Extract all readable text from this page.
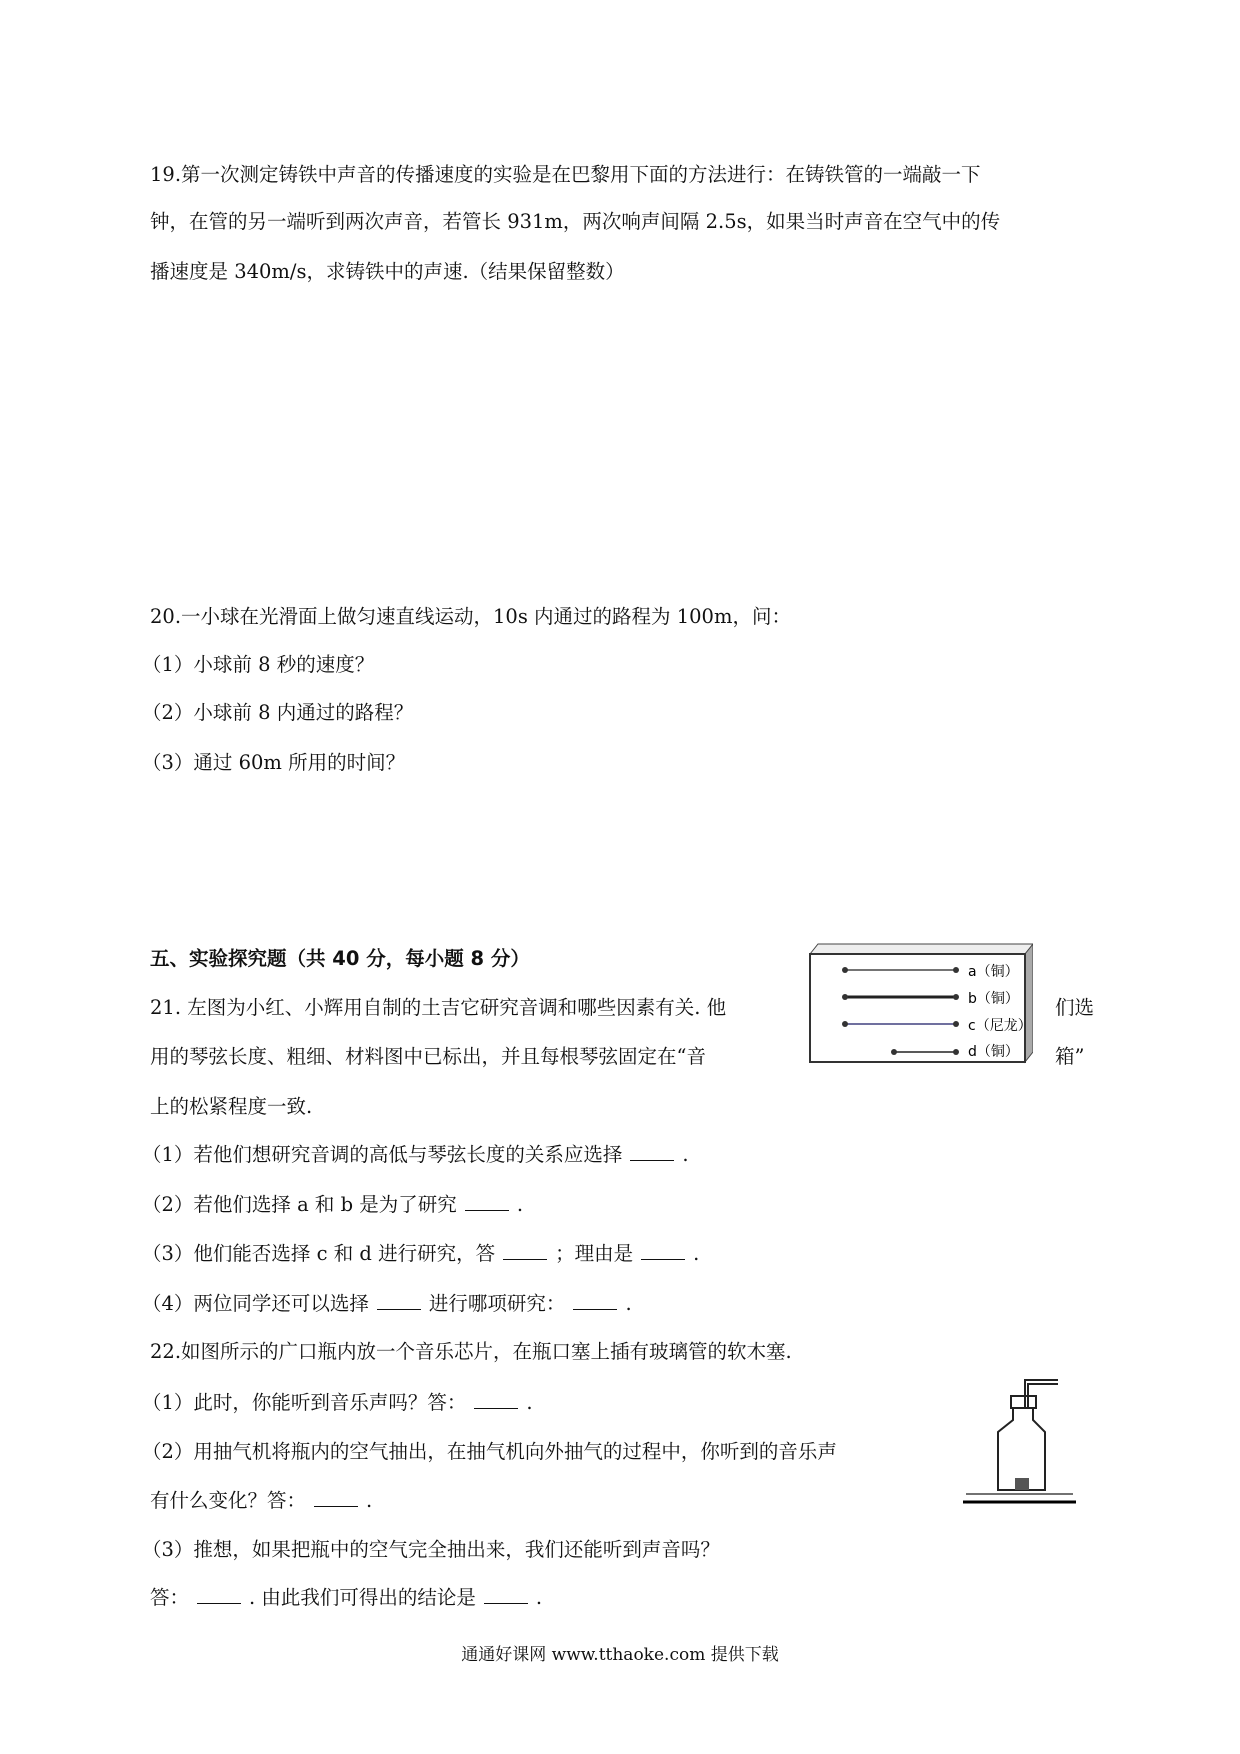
19.第一次测定铸铁中声音的传播速度的实验是在巴黎用下面的方法进行：在铸铁管的一端敲一下
钟，在管的另一端听到两次声音，若管长 931m，两次响声间隔 2.5s，如果当时声音在空气中的传
播速度是 340m/s，求铸铁中的声速.（结果保留整数）
20.一小球在光滑面上做匀速直线运动，10s 内通过的路程为 100m，问：
（1）小球前 8 秒的速度？
（2）小球前 8 内通过的路程？
（3）通过 60m 所用的时间？
五、实验探究题（共 40 分，每小题 8 分）
21. 左图为小红、小辉用自制的土吉它研究音调和哪些因素有关. 他	们选
用的琴弦长度、粗细、材料图中已标出，并且每根琴弦固定在“音	箱”
上的松紧程度一致.
（1）若他们想研究音调的高低与琴弦长度的关系应选择	.
（2）若他们选择 a 和 b 是为了研究	.
（3）他们能否选择 c 和 d 进行研究，答	；理由是	.
（4）两位同学还可以选择	进行哪项研究：	.
a（铜）
b（铜）
c（尼龙）
d（铜）
22.如图所示的广口瓶内放一个音乐芯片，在瓶口塞上插有玻璃管的软木塞.
（1）此时，你能听到音乐声吗？答：	.
（2）用抽气机将瓶内的空气抽出，在抽气机向外抽气的过程中，你听到的音乐声
有什么变化？答：	.
（3）推想，如果把瓶中的空气完全抽出来，我们还能听到声音吗？
答：	. 由此我们可得出的结论是	.
通通好课网 www.tthaoke.com 提供下载
